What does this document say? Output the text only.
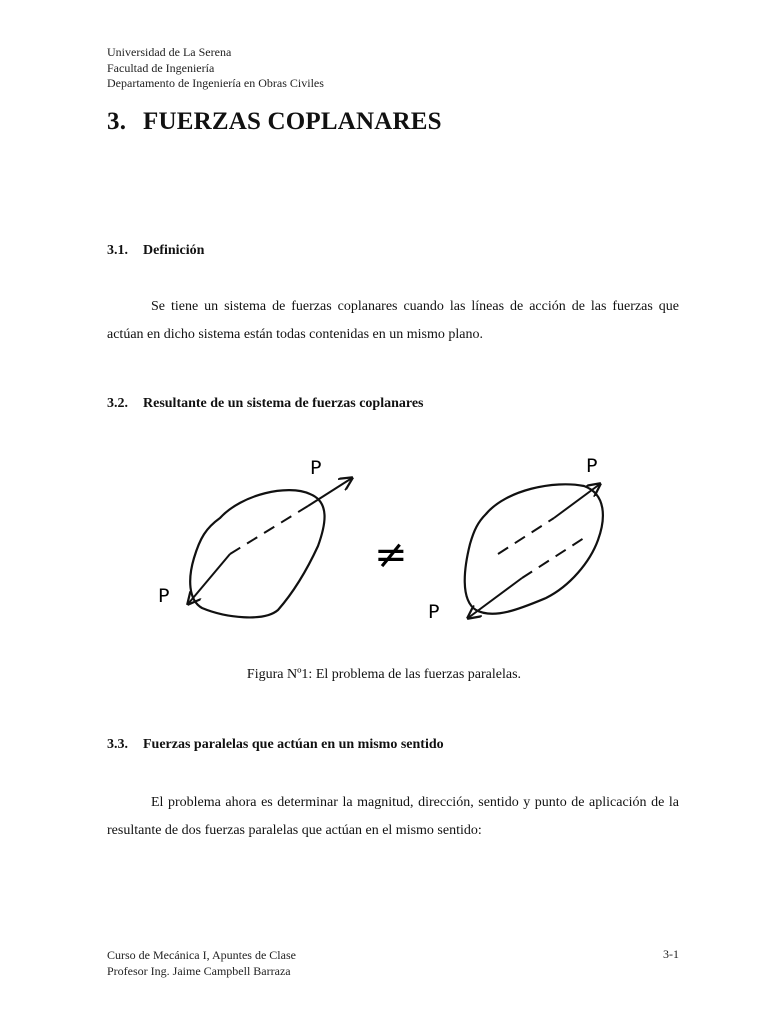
Universidad de La Serena
Facultad de Ingeniería
Departamento de Ingeniería en Obras Civiles
3. FUERZAS COPLANARES
3.1. Definición

Se tiene un sistema de fuerzas coplanares cuando las líneas de acción de las fuerzas que actúan en dicho sistema están todas contenidas en un mismo plano.

3.2. Resultante de un sistema de fuerzas coplanares
P
P
≠
P
P

Figura Nº1: El problema de las fuerzas paralelas.

3.3. Fuerzas paralelas que actúan en un mismo sentido

El problema ahora es determinar la magnitud, dirección, sentido y punto de aplicación de la resultante de dos fuerzas paralelas que actúan en el mismo sentido:

Curso de Mecánica I, Apuntes de Clase
Profesor Ing. Jaime Campbell Barraza
3-1
